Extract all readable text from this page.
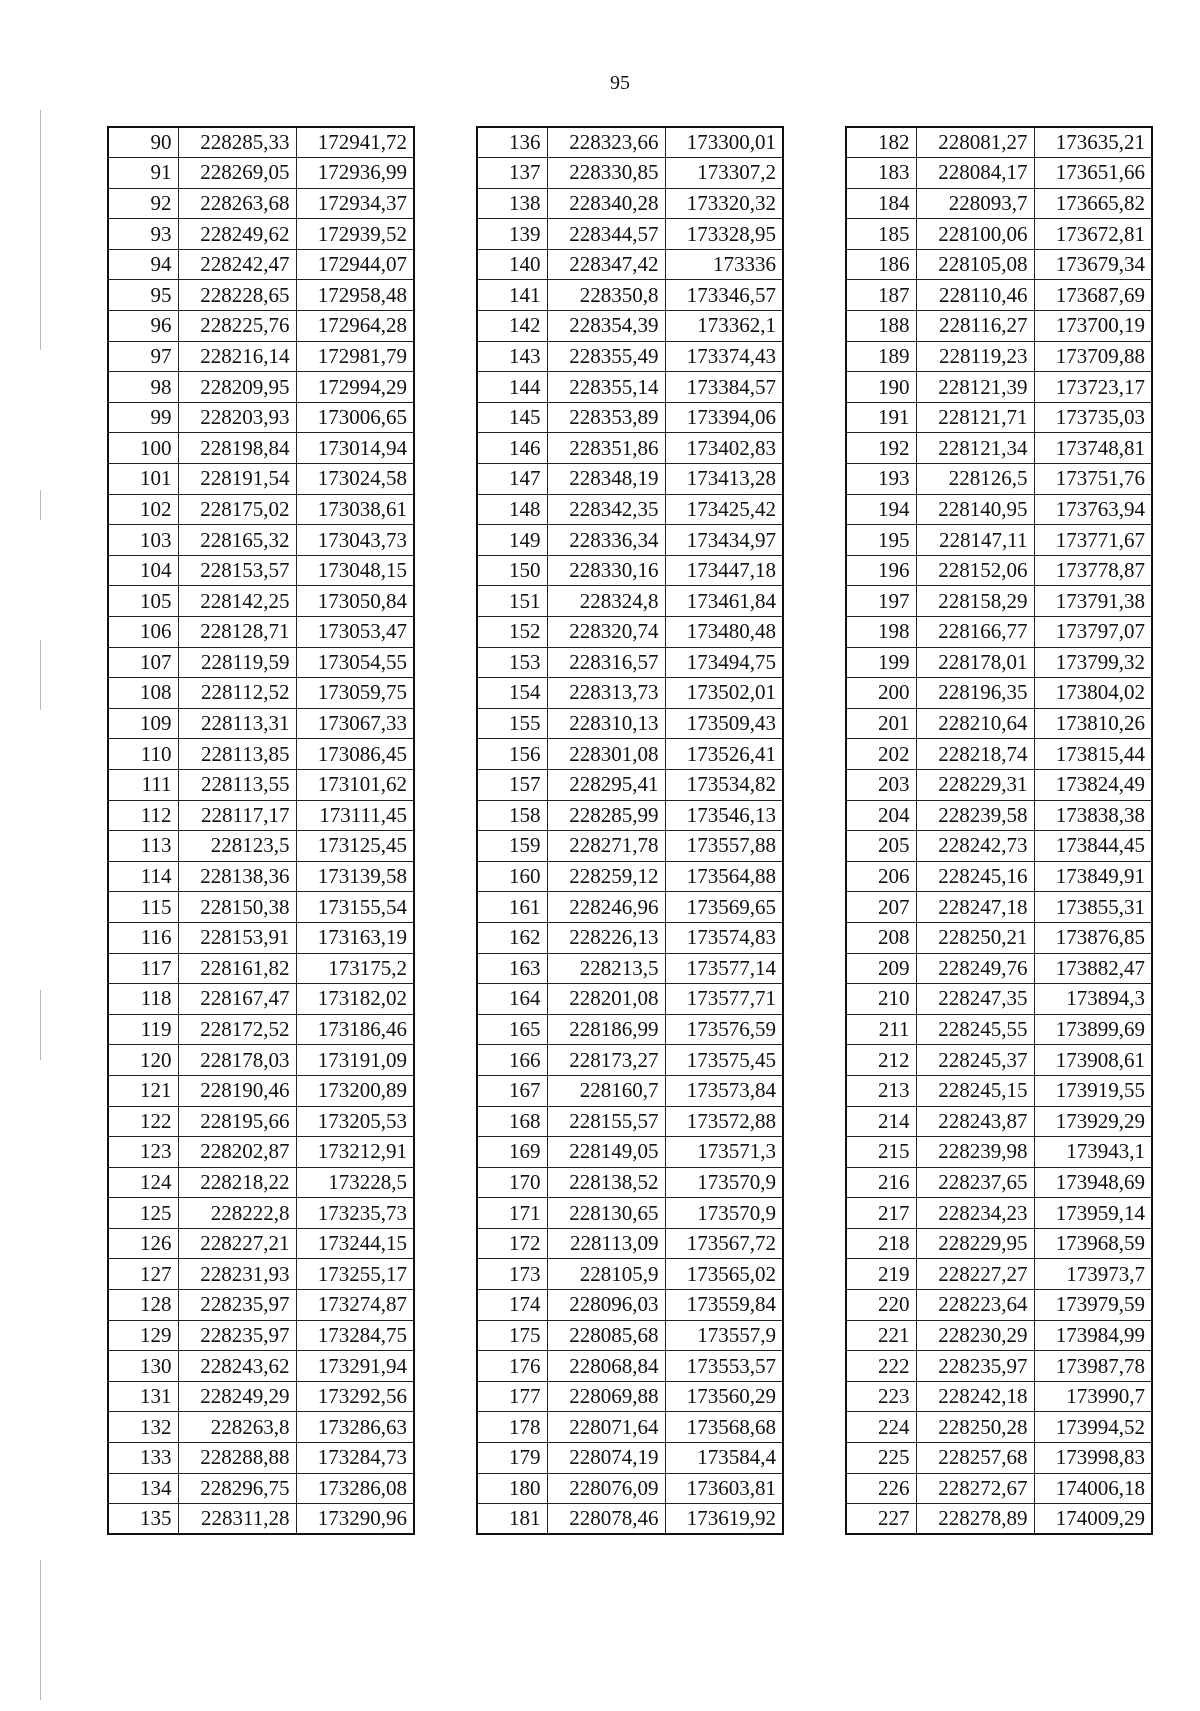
95
90	228285,33	172941,72
91	228269,05	172936,99
92	228263,68	172934,37
93	228249,62	172939,52
94	228242,47	172944,07
95	228228,65	172958,48
96	228225,76	172964,28
97	228216,14	172981,79
98	228209,95	172994,29
99	228203,93	173006,65
100	228198,84	173014,94
101	228191,54	173024,58
102	228175,02	173038,61
103	228165,32	173043,73
104	228153,57	173048,15
105	228142,25	173050,84
106	228128,71	173053,47
107	228119,59	173054,55
108	228112,52	173059,75
109	228113,31	173067,33
110	228113,85	173086,45
111	228113,55	173101,62
112	228117,17	173111,45
113	228123,5	173125,45
114	228138,36	173139,58
115	228150,38	173155,54
116	228153,91	173163,19
117	228161,82	173175,2
118	228167,47	173182,02
119	228172,52	173186,46
120	228178,03	173191,09
121	228190,46	173200,89
122	228195,66	173205,53
123	228202,87	173212,91
124	228218,22	173228,5
125	228222,8	173235,73
126	228227,21	173244,15
127	228231,93	173255,17
128	228235,97	173274,87
129	228235,97	173284,75
130	228243,62	173291,94
131	228249,29	173292,56
132	228263,8	173286,63
133	228288,88	173284,73
134	228296,75	173286,08
135	228311,28	173290,96
136	228323,66	173300,01
137	228330,85	173307,2
138	228340,28	173320,32
139	228344,57	173328,95
140	228347,42	173336
141	228350,8	173346,57
142	228354,39	173362,1
143	228355,49	173374,43
144	228355,14	173384,57
145	228353,89	173394,06
146	228351,86	173402,83
147	228348,19	173413,28
148	228342,35	173425,42
149	228336,34	173434,97
150	228330,16	173447,18
151	228324,8	173461,84
152	228320,74	173480,48
153	228316,57	173494,75
154	228313,73	173502,01
155	228310,13	173509,43
156	228301,08	173526,41
157	228295,41	173534,82
158	228285,99	173546,13
159	228271,78	173557,88
160	228259,12	173564,88
161	228246,96	173569,65
162	228226,13	173574,83
163	228213,5	173577,14
164	228201,08	173577,71
165	228186,99	173576,59
166	228173,27	173575,45
167	228160,7	173573,84
168	228155,57	173572,88
169	228149,05	173571,3
170	228138,52	173570,9
171	228130,65	173570,9
172	228113,09	173567,72
173	228105,9	173565,02
174	228096,03	173559,84
175	228085,68	173557,9
176	228068,84	173553,57
177	228069,88	173560,29
178	228071,64	173568,68
179	228074,19	173584,4
180	228076,09	173603,81
181	228078,46	173619,92
182	228081,27	173635,21
183	228084,17	173651,66
184	228093,7	173665,82
185	228100,06	173672,81
186	228105,08	173679,34
187	228110,46	173687,69
188	228116,27	173700,19
189	228119,23	173709,88
190	228121,39	173723,17
191	228121,71	173735,03
192	228121,34	173748,81
193	228126,5	173751,76
194	228140,95	173763,94
195	228147,11	173771,67
196	228152,06	173778,87
197	228158,29	173791,38
198	228166,77	173797,07
199	228178,01	173799,32
200	228196,35	173804,02
201	228210,64	173810,26
202	228218,74	173815,44
203	228229,31	173824,49
204	228239,58	173838,38
205	228242,73	173844,45
206	228245,16	173849,91
207	228247,18	173855,31
208	228250,21	173876,85
209	228249,76	173882,47
210	228247,35	173894,3
211	228245,55	173899,69
212	228245,37	173908,61
213	228245,15	173919,55
214	228243,87	173929,29
215	228239,98	173943,1
216	228237,65	173948,69
217	228234,23	173959,14
218	228229,95	173968,59
219	228227,27	173973,7
220	228223,64	173979,59
221	228230,29	173984,99
222	228235,97	173987,78
223	228242,18	173990,7
224	228250,28	173994,52
225	228257,68	173998,83
226	228272,67	174006,18
227	228278,89	174009,29
